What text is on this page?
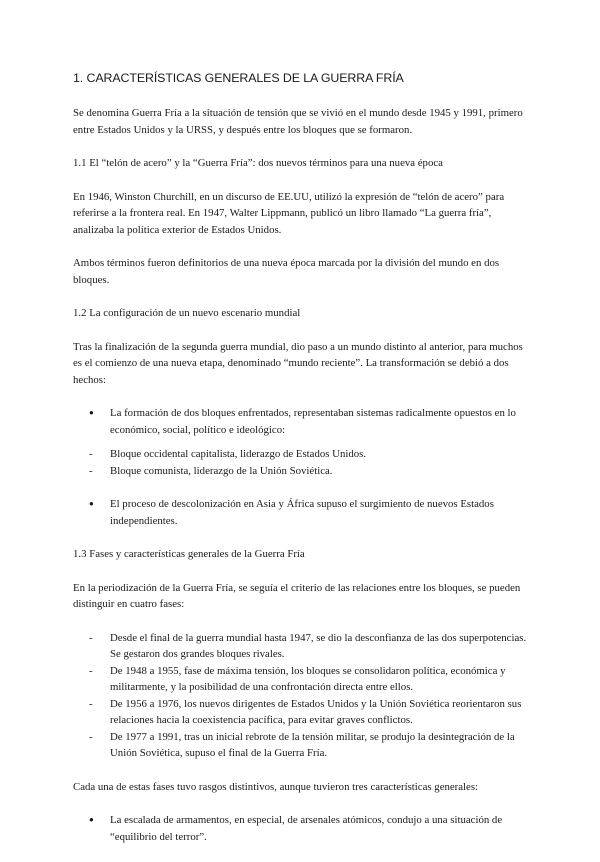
1. CARACTERÍSTICAS GENERALES DE LA GUERRA FRÍA

Se denomina Guerra Fría a la situación de tensión que se vivió en el mundo desde 1945 y 1991, primero entre Estados Unidos y la URSS, y después entre los bloques que se formaron.

1.1 El “telón de acero” y la “Guerra Fría”: dos nuevos términos para una nueva época

En 1946, Winston Churchill, en un discurso de EE.UU, utilizó la expresión de “telón de acero” para referirse a la frontera real. En 1947, Walter Lippmann, publicó un libro llamado “La guerra fría”, analizaba la política exterior de Estados Unidos.

Ambos términos fueron definitorios de una nueva época marcada por la división del mundo en dos bloques.

1.2 La configuración de un nuevo escenario mundial

Tras la finalización de la segunda guerra mundial, dio paso a un mundo distinto al anterior, para muchos es el comienzo de una nueva etapa, denominado “mundo reciente”. La transformación se debió a dos hechos:

● La formación de dos bloques enfrentados, representaban sistemas radicalmente opuestos en lo económico, social, político e ideológico:
- Bloque occidental capitalista, liderazgo de Estados Unidos.
- Bloque comunista, liderazgo de la Unión Soviética.
● El proceso de descolonización en Asia y África supuso el surgimiento de nuevos Estados independientes.

1.3 Fases y características generales de la Guerra Fría

En la periodización de la Guerra Fría, se seguía el criterio de las relaciones entre los bloques, se pueden distinguir en cuatro fases:

- Desde el final de la guerra mundial hasta 1947, se dio la desconfianza de las dos superpotencias. Se gestaron dos grandes bloques rivales.
- De 1948 a 1955, fase de máxima tensión, los bloques se consolidaron política, económica y militarmente, y la posibilidad de una confrontación directa entre ellos.
- De 1956 a 1976, los nuevos dirigentes de Estados Unidos y la Unión Soviética reorientaron sus relaciones hacia la coexistencia pacífica, para evitar graves conflictos.
- De 1977 a 1991, tras un inicial rebrote de la tensión militar, se produjo la desintegración de la Unión Soviética, supuso el final de la Guerra Fría.

Cada una de estas fases tuvo rasgos distintivos, aunque tuvieron tres características generales:

● La escalada de armamentos, en especial, de arsenales atómicos, condujo a una situación de “equilibrio del terror”.
